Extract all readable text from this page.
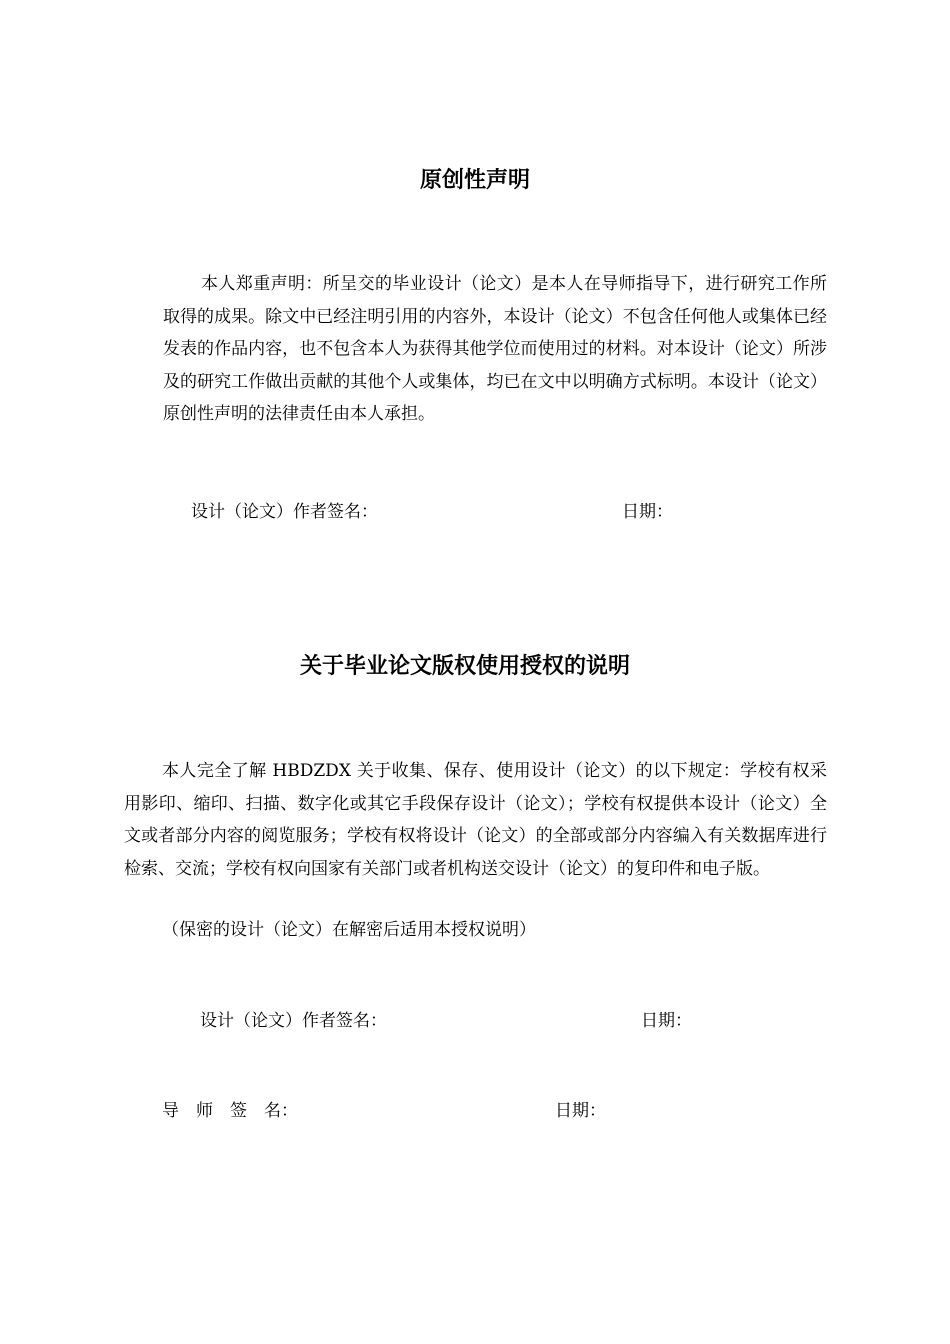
原创性声明

本人郑重声明：所呈交的毕业设计（论文）是本人在导师指导下，进行研究工作所取得的成果。除文中已经注明引用的内容外，本设计（论文）不包含任何他人或集体已经发表的作品内容，也不包含本人为获得其他学位而使用过的材料。对本设计（论文）所涉及的研究工作做出贡献的其他个人或集体，均已在文中以明确方式标明。本设计（论文）原创性声明的法律责任由本人承担。

设计（论文）作者签名：	日期：
关于毕业论文版权使用授权的说明

本人完全了解 HBDZDX 关于收集、保存、使用设计（论文）的以下规定：学校有权采用影印、缩印、扫描、数字化或其它手段保存设计（论文）；学校有权提供本设计（论文）全文或者部分内容的阅览服务；学校有权将设计（论文）的全部或部分内容编入有关数据库进行检索、交流；学校有权向国家有关部门或者机构送交设计（论文）的复印件和电子版。

（保密的设计（论文）在解密后适用本授权说明）

设计（论文）作者签名：	日期：
导　师　签　名：	日期：
